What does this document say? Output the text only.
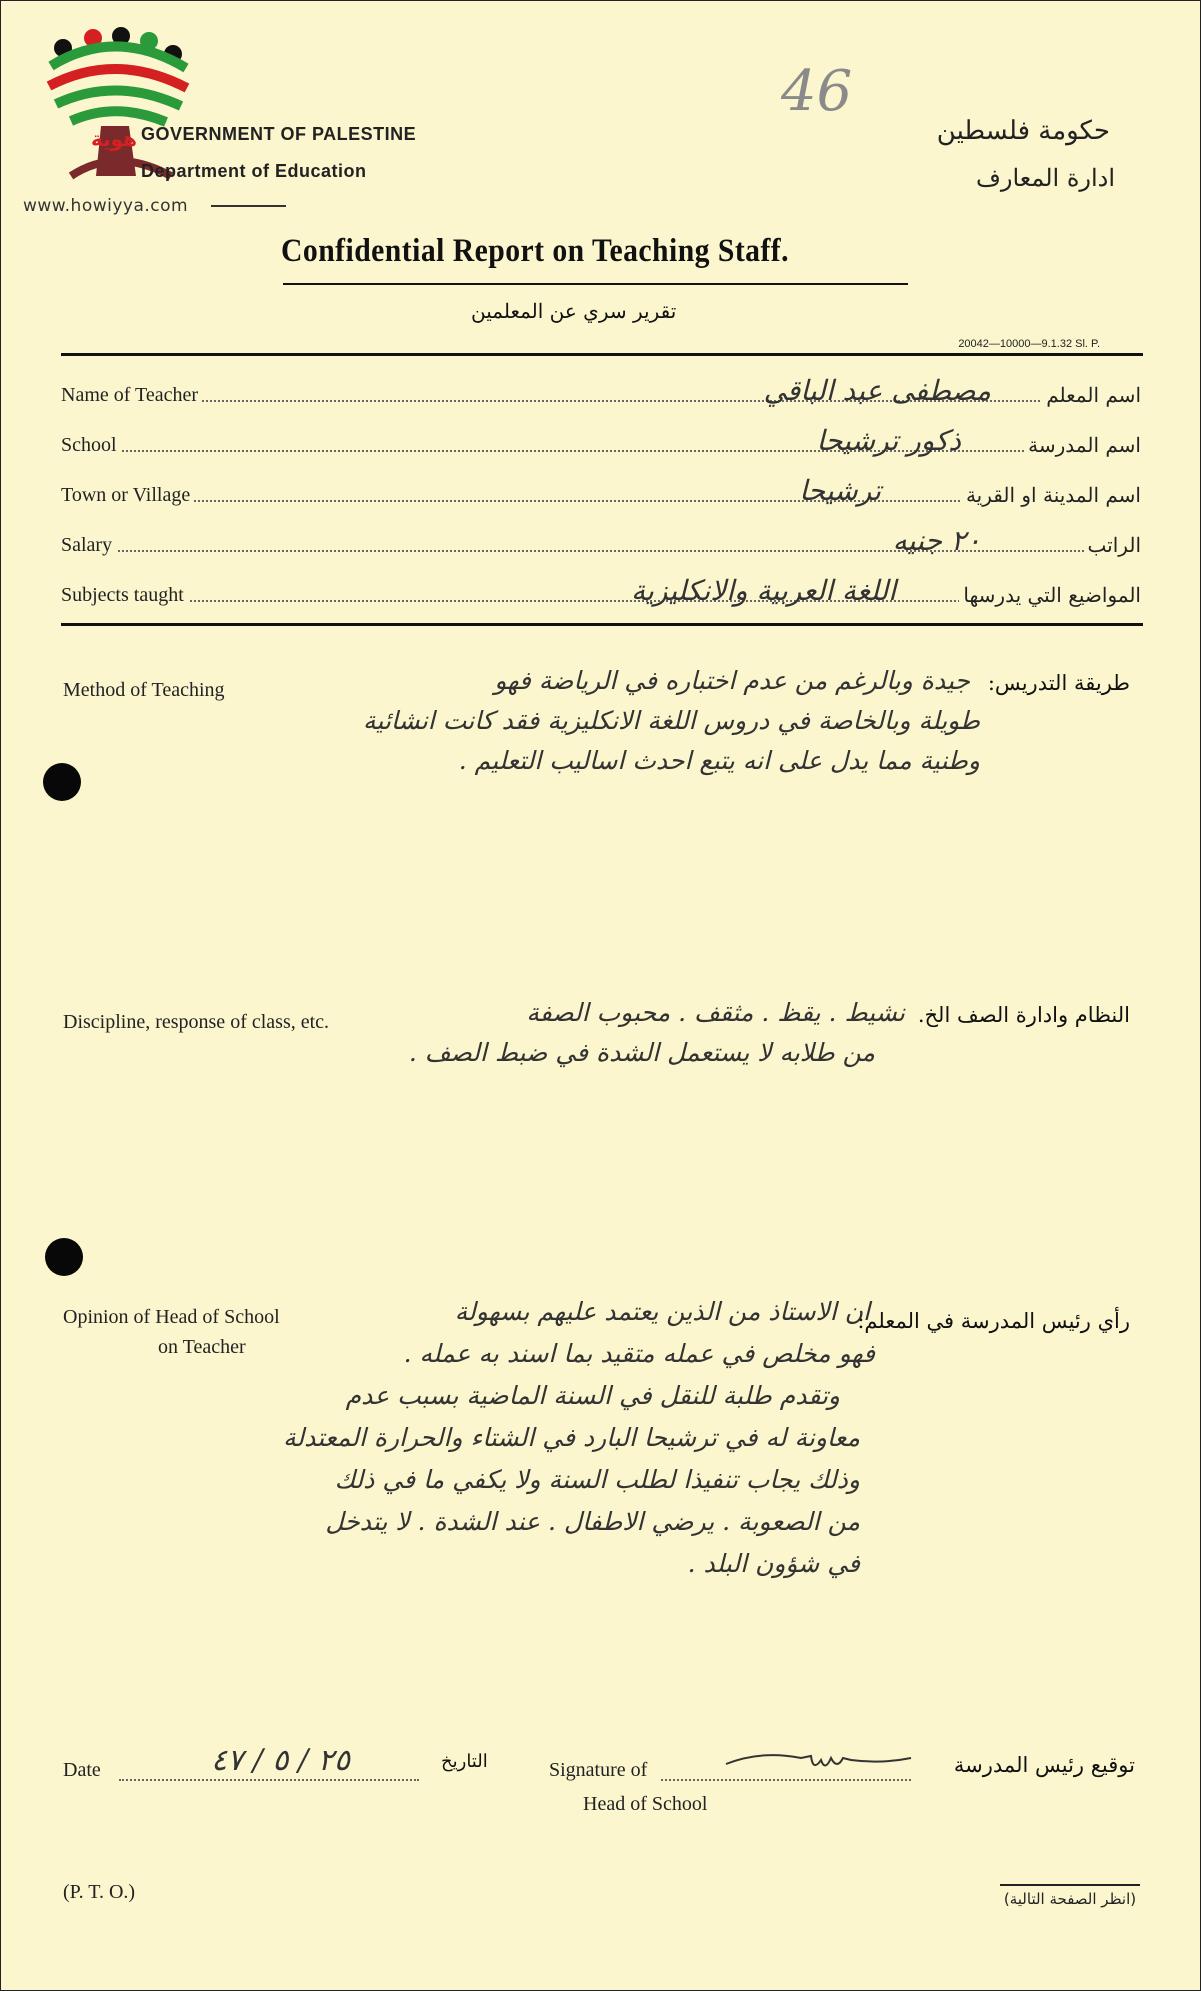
هوية
www.howiyya.com
GOVERNMENT OF PALESTINE
Department of Education
46
حكومة فلسطين
ادارة المعارف
Confidential Report on Teaching Staff.
تقرير سري عن المعلمين
20042—10000—9.1.32 Sl. P.
Name of Teacher	اسم المعلم
مصطفى عبد الباقي
School	اسم المدرسة
ذكور ترشيحا
Town or Village	اسم المدينة او القرية
ترشيحا
Salary	الراتب
٢٠ جنيه
Subjects taught	المواضيع التي يدرسها
اللغة العربية والانكليزية
Method of Teaching	طريقة التدريس:
جيدة وبالرغم من عدم اختباره في الرياضة فهو
طويلة وبالخاصة في دروس اللغة الانكليزية فقد كانت انشائية
وطنية مما يدل على انه يتبع احدث اساليب التعليم .
Discipline, response of class, etc.	النظام وادارة الصف الخ.
نشيط . يقظ . مثقف . محبوب الصفة
من طلابه لا يستعمل الشدة في ضبط الصف .
Opinion of Head of School
on Teacher
رأي رئيس المدرسة في المعلم:
ان الاستاذ من الذين يعتمد عليهم بسهولة
فهو مخلص في عمله متقيد بما اسند به عمله .
وتقدم طلبة للنقل في السنة الماضية بسبب عدم
معاونة له في ترشيحا البارد في الشتاء والحرارة المعتدلة
وذلك يجاب تنفيذا لطلب السنة ولا يكفي ما في ذلك
من الصعوبة . يرضي الاطفال . عند الشدة . لا يتدخل
في شؤون البلد .
Date	٢٥ / ٥ / ٤٧	التاريخ	Signature of
Head of School
توقيع رئيس المدرسة
(P. T. O.)	(انظر الصفحة التالية)
